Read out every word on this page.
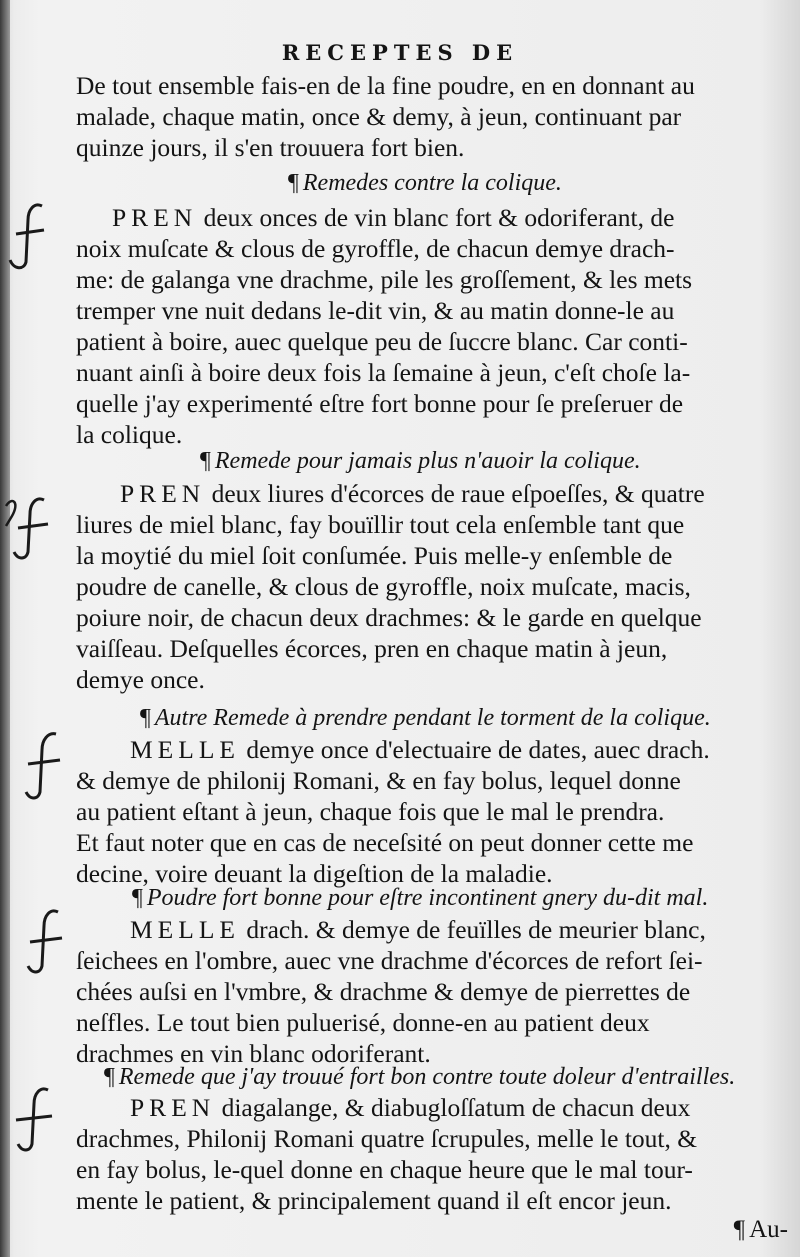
RECEPTES DE
De tout ensemble fais-en de la fine poudre, en en donnant au
malade, chaque matin, once & demy, à jeun, continuant par
quinze jours, il s'en trouuera fort bien.
¶ Remedes contre la colique.
PREN deux onces de vin blanc fort & odoriferant, de
noix muſcate & clous de gyroffle, de chacun demye drach-
me: de galanga vne drachme, pile les groſſement, & les mets
tremper vne nuit dedans le-dit vin, & au matin donne-le au
patient à boire, auec quelque peu de ſuccre blanc. Car conti-
nuant ainſi à boire deux fois la ſemaine à jeun, c'eſt choſe la-
quelle j'ay experimenté eſtre fort bonne pour ſe preſeruer de
la colique.
¶ Remede pour jamais plus n'auoir la colique.
PREN deux liures d'écorces de raue eſpoeſſes, & quatre
liures de miel blanc, fay bouïllir tout cela enſemble tant que
la moytié du miel ſoit conſumée. Puis melle-y enſemble de
poudre de canelle, & clous de gyroffle, noix muſcate, macis,
poiure noir, de chacun deux drachmes: & le garde en quelque
vaiſſeau. Deſquelles écorces, pren en chaque matin à jeun,
demye once.
¶ Autre Remede à prendre pendant le torment de la colique.
MELLE demye once d'electuaire de dates, auec drach.
& demye de philonij Romani, & en fay bolus, lequel donne
au patient eſtant à jeun, chaque fois que le mal le prendra.
Et faut noter que en cas de neceſsité on peut donner cette me
decine, voire deuant la digeſtion de la maladie.
¶ Poudre fort bonne pour eſtre incontinent gnery du-dit mal.
MELLE drach. & demye de feuïlles de meurier blanc,
ſeichees en l'ombre, auec vne drachme d'écorces de refort ſei-
chées auſsi en l'vmbre, & drachme & demye de pierrettes de
neſfles. Le tout bien puluerisé, donne-en au patient deux
drachmes en vin blanc odoriferant.
¶ Remede que j'ay trouué fort bon contre toute doleur d'entrailles.
PREN diagalange, & diabugloſſatum de chacun deux
drachmes, Philonij Romani quatre ſcrupules, melle le tout, &
en fay bolus, le-quel donne en chaque heure que le mal tour-
mente le patient, & principalement quand il eſt encor jeun.
¶ Au-
